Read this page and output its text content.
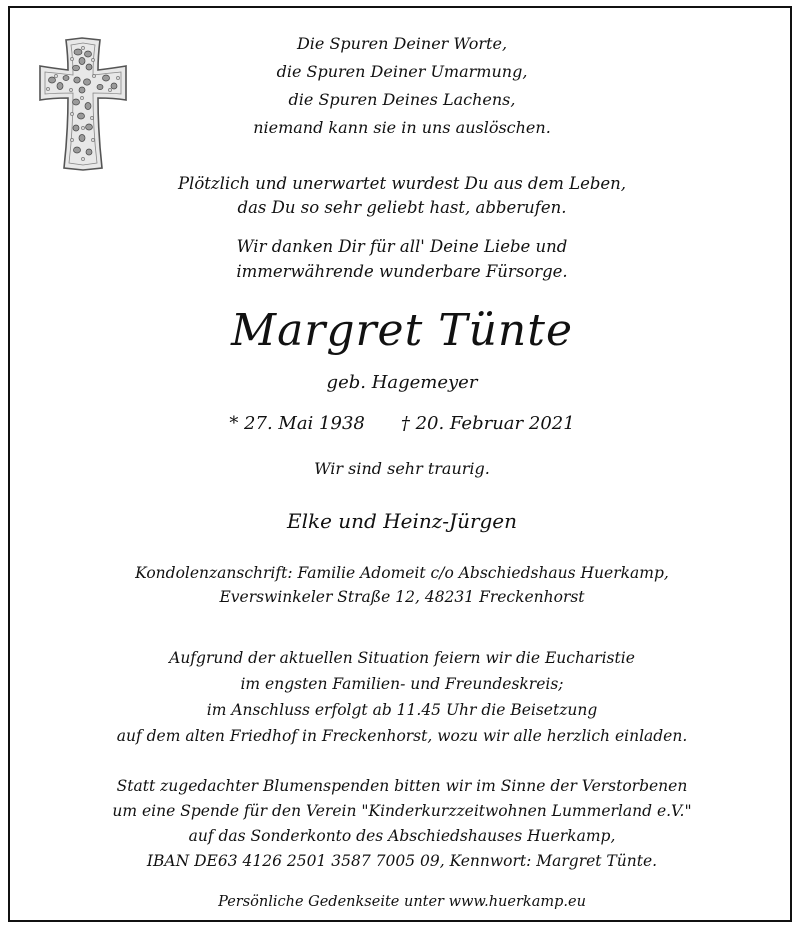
Die Spuren Deiner Worte,
die Spuren Deiner Umarmung,
die Spuren Deines Lachens,
niemand kann sie in uns auslöschen.
Plötzlich und unerwartet wurdest Du aus dem Leben,
das Du so sehr geliebt hast, abberufen.
Wir danken Dir für all' Deine Liebe und
immerwährende wunderbare Fürsorge.
Margret Tünte
geb. Hagemeyer
* 27. Mai 1938 † 20. Februar 2021
Wir sind sehr traurig.
Elke und Heinz-Jürgen
Kondolenzanschrift: Familie Adomeit c/o Abschiedshaus Huerkamp,
Everswinkeler Straße 12, 48231 Freckenhorst
Aufgrund der aktuellen Situation feiern wir die Eucharistie
im engsten Familien- und Freundeskreis;
im Anschluss erfolgt ab 11.45 Uhr die Beisetzung
auf dem alten Friedhof in Freckenhorst, wozu wir alle herzlich einladen.
Statt zugedachter Blumenspenden bitten wir im Sinne der Verstorbenen
um eine Spende für den Verein "Kinderkurzzeitwohnen Lummerland e.V."
auf das Sonderkonto des Abschiedshauses Huerkamp,
IBAN DE63 4126 2501 3587 7005 09, Kennwort: Margret Tünte.
Persönliche Gedenkseite unter www.huerkamp.eu
